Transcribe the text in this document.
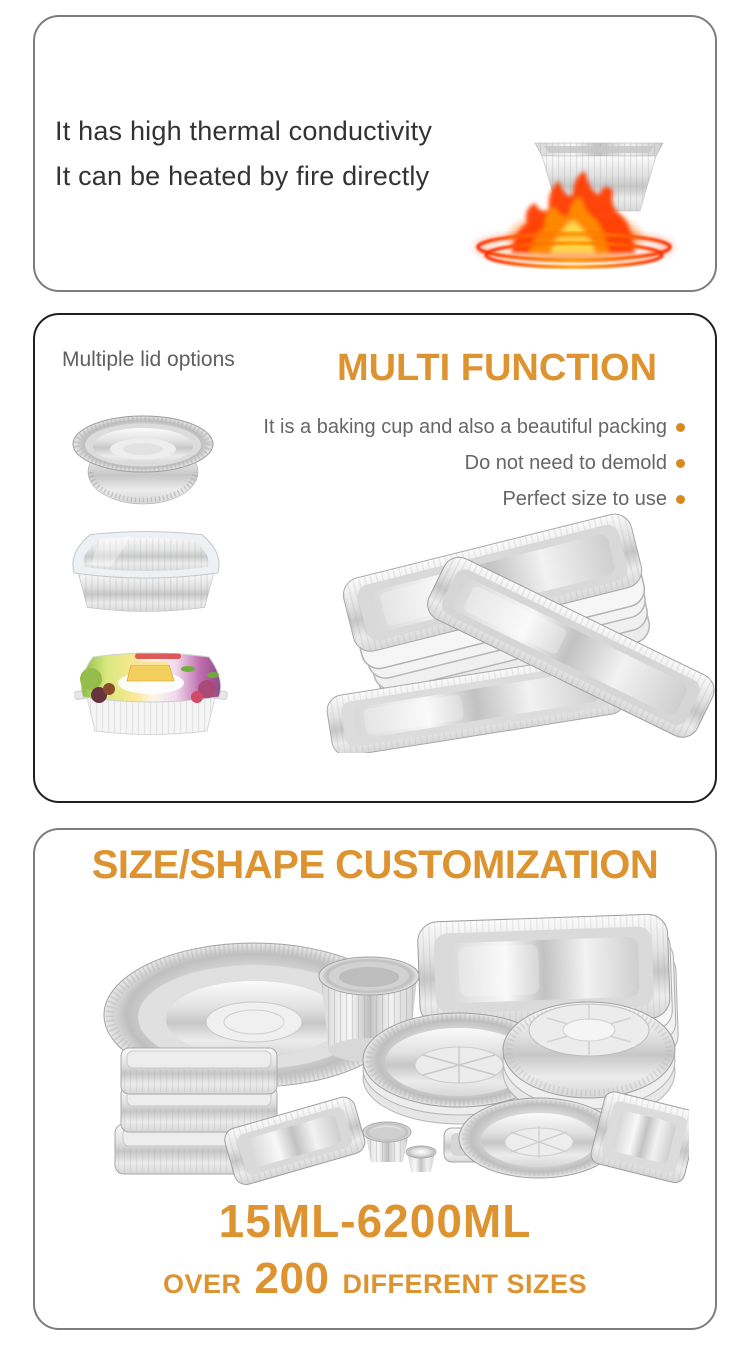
It has high thermal conductivity
It can be heated by fire directly
Multiple lid options	MULTI FUNCTION
It is a baking cup and also a beautiful packing
Do not need to demold
Perfect size to use
SIZE/SHAPE CUSTOMIZATION
15ML-6200ML
OVER 200 DIFFERENT SIZES
